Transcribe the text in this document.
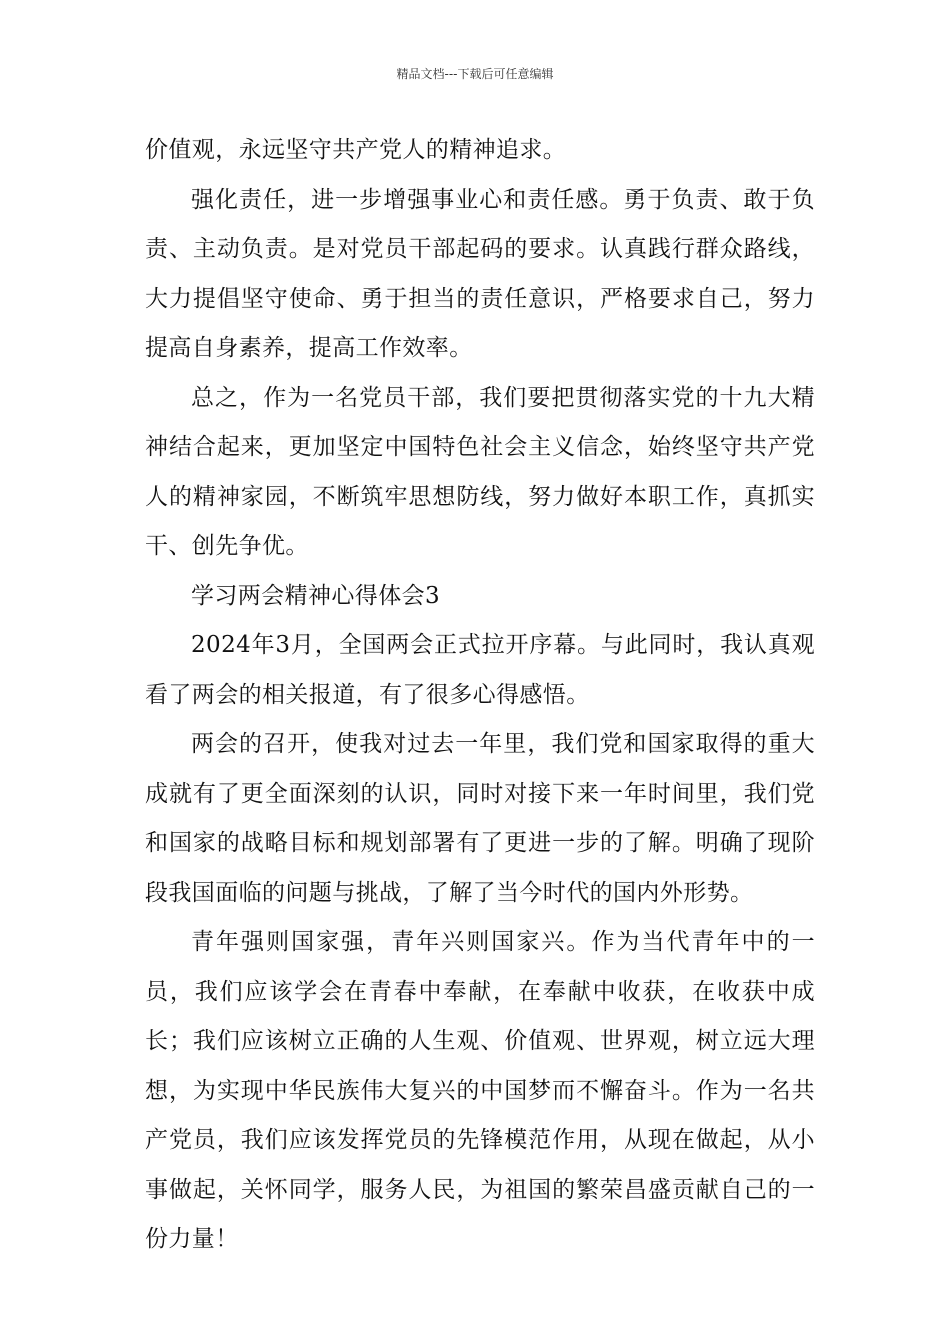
精品文档---下载后可任意编辑

价值观，永远坚守共产党人的精神追求。

强化责任，进一步增强事业心和责任感。勇于负责、敢于负责、主动负责。是对党员干部起码的要求。认真践行群众路线，大力提倡坚守使命、勇于担当的责任意识，严格要求自己，努力提高自身素养，提高工作效率。

总之，作为一名党员干部，我们要把贯彻落实党的十九大精神结合起来，更加坚定中国特色社会主义信念，始终坚守共产党人的精神家园，不断筑牢思想防线，努力做好本职工作，真抓实干、创先争优。

学习两会精神心得体会3

2024年3月，全国两会正式拉开序幕。与此同时，我认真观看了两会的相关报道，有了很多心得感悟。

两会的召开，使我对过去一年里，我们党和国家取得的重大成就有了更全面深刻的认识，同时对接下来一年时间里，我们党和国家的战略目标和规划部署有了更进一步的了解。明确了现阶段我国面临的问题与挑战，了解了当今时代的国内外形势。

青年强则国家强，青年兴则国家兴。作为当代青年中的一员，我们应该学会在青春中奉献，在奉献中收获，在收获中成长；我们应该树立正确的人生观、价值观、世界观，树立远大理想，为实现中华民族伟大复兴的中国梦而不懈奋斗。作为一名共产党员，我们应该发挥党员的先锋模范作用，从现在做起，从小事做起，关怀同学，服务人民，为祖国的繁荣昌盛贡献自己的一份力量！
